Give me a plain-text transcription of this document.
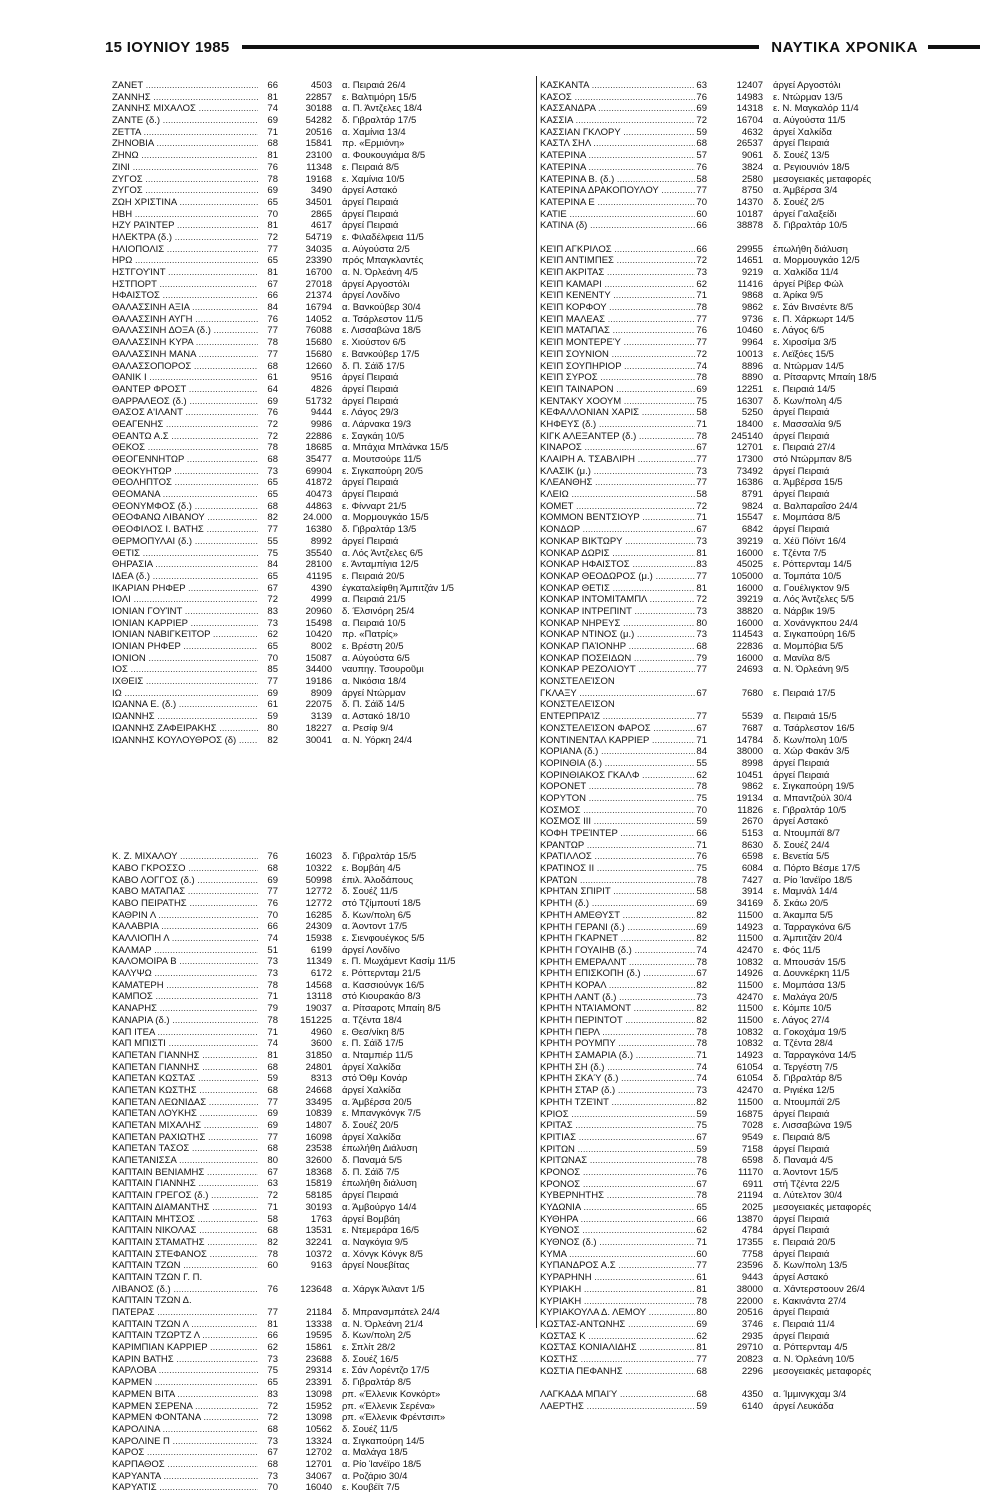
15 ΙΟΥΝΙΟΥ 1985	ΝΑΥΤΙΚΑ ΧΡΟΝΙΚΑ
ΖΑΝΕΤ .....	66	4503	α. Πειραιά 26/4
ΖΑΝΝΗΣ .....	81	22857	ε. Βαλτιμόρη 15/5
ΖΑΝΝΗΣ ΜΙΧΑΛΟΣ .....	74	30188	α. Π. Άντζελες 18/4
ΖΑΝΤΕ (δ.) .....	69	54282	δ. Γιβραλτάρ 17/5
ΖΕΤΤΑ .....	71	20516	α. Χαμίνια 13/4
ΖΗΝΟΒΙΑ .....	68	15841	πρ. «Ερμιόνη»
ΖΗΝΩ .....	81	23100	α. Φουκουγιάμα 8/5
ΖΙΝΙ .....	76	11348	ε. Πειραιά 8/5
ΖΥΓΟΣ .....	78	19168	ε. Χαμίνια 10/5
ΖΥΓΟΣ .....	69	3490	άργεί Αστακό
ΖΩΗ ΧΡΙΣΤΙΝΑ .....	65	34501	άργεί Πειραιά
ΗΒΗ .....	70	2865	άργεί Πειραιά
ΗΖΥ ΡΑΊΝΤΕΡ .....	81	4617	άργεί Πειραιά
ΗΛΕΚΤΡΑ (δ.) .....	72	54719	ε. Φιλαδέλφεια 11/5
ΗΛΙΟΠΟΛΙΣ .....	77	34035	α. Αύγούστα 2/5
ΗΡΩ .....	65	23390	πρός Μπαγκλαντές
ΗΣΤΓΟΥΊΝΤ .....	81	16700	α. Ν. Όρλεάνη 4/5
ΗΣΤΠΟΡΤ .....	67	27018	άργεί Αργοστόλι
ΗΦΑΙΣΤΟΣ .....	66	21374	άργεί Λονδίνο
ΘΑΛΑΣΣΙΝΗ ΑΞΙΑ .....	84	16794	α. Βανκούβερ 30/4
ΘΑΛΑΣΣΙΝΗ ΑΥΓΗ .....	76	14052	α. Τσάρλεστον 11/5
ΘΑΛΑΣΣΙΝΗ ΔΟΞΑ (δ.) .....	77	76088	ε. Λισσαβώνα 18/5
ΘΑΛΑΣΣΙΝΗ ΚΥΡΑ .....	78	15680	ε. Χιούστον 6/5
ΘΑΛΑΣΣΙΝΗ ΜΑΝΑ .....	77	15680	ε. Βανκούβερ 17/5
ΘΑΛΑΣΣΟΠΟΡΟΣ .....	68	12660	δ. Π. Σάϊδ 17/5
ΘΑΝΙΚ Ι .....	61	9516	άργεί Πειραιά
ΘΑΝΤΕΡ ΦΡΟΣΤ .....	64	4826	άργεί Πειραιά
ΘΑΡΡΑΛΕΟΣ (δ.) .....	69	51732	άργεί Πειραιά
ΘΑΣΟΣ Α'ΙΛΑΝΤ .....	76	9444	ε. Λάγος 29/3
ΘΕΑΓΕΝΗΣ .....	72	9986	α. Λάρνακα 19/3
ΘΕΑΝΤΩ Α.Σ .....	72	22886	ε. Σαγκάη 10/5
ΘΕΚΟΣ .....	78	18685	α. Μπάχια Μπλάνκα 15/5
ΘΕΟΓΕΝΝΗΤΩΡ .....	68	35477	α. Μουτσούρε 11/5
ΘΕΟΚΥΗΤΩΡ .....	73	69904	ε. Σιγκαπούρη 20/5
ΘΕΟΛΗΠΤΟΣ .....	65	41872	άργεί Πειραιά
ΘΕΟΜΑΝΑ .....	65	40473	άργεί Πειραιά
ΘΕΟΝΥΜΦΟΣ (δ.) .....	68	44863	ε. Φίνναρτ 21/5
ΘΕΟΦΑΝΩ ΛΙΒΑΝΟΥ .....	82	24.000	α. Μορμουγκάο 15/5
ΘΕΟΦΙΛΟΣ Ι. ΒΑΤΗΣ .....	77	16380	δ. Γιβραλτάρ 13/5
ΘΕΡΜΟΠΥΛΑΙ (δ.) .....	55	8992	άργεί Πειραιά
ΘΕΤΙΣ .....	75	35540	α. Λός Άντζελες 6/5
ΘΗΡΑΣΙΑ .....	84	28100	ε. Άνταμπίγια 12/5
ΙΔΕΑ (δ.) .....	65	41195	ε. Πειραιά 20/5
ΙΚΑΡΙΑΝ ΡΗΦΕΡ .....	67	4390	έγκαταλείφθη Άμπιτζάν 1/5
ΙΟΛΙ .....	72	4999	α. Πειραιά 21/5
ΙΟΝΙΑΝ ΓΟΥΊΝΤ .....	83	20960	δ. Έλσινόρη 25/4
ΙΟΝΙΑΝ ΚΑΡΡΙΕΡ .....	73	15498	α. Πειραιά 10/5
ΙΟΝΙΑΝ ΝΑΒΙΓΚΕΊΤΟΡ .....	62	10420	πρ. «Πατρίς»
ΙΟΝΙΑΝ ΡΗΦΕΡ .....	65	8002	ε. Βρέστη 20/5
ΙΟΝΙΟΝ .....	70	15087	α. Αύγούστα 6/5
ΙΟΣ .....	85	34400	ναυπηγ. Τσουροῦμι
ΙΧΘΕΙΣ .....	77	19186	α. Νικόσια 18/4
ΙΩ .....	69	8909	άργεί Ντώρμαν
ΙΩΑΝΝΑ Ε. (δ.) .....	61	22075	δ. Π. Σάϊδ 14/5
ΙΩΑΝΝΗΣ .....	59	3139	α. Αστακό 18/10
ΙΩΑΝΝΗΣ ΖΑΦΕΙΡΑΚΗΣ .....	80	18227	α. Ρεσίφ 9/4
ΙΩΑΝΝΗΣ ΚΟΥΛΟΥΘΡΟΣ (δ) .....	82	30041	α. Ν. Υόρκη 24/4
Κ. Ζ. ΜΙΧΑΛΟΥ .....	76	16023	δ. Γιβραλτάρ 15/5
ΚΑΒΟ ΓΚΡΟΣΣΟ .....	68	10322	ε. Βομβάη 4/5
ΚΑΒΟ ΛΟΓΓΟΣ (δ.) .....	69	50998	έπιλ. Άλοδάπους
ΚΑΒΟ ΜΑΤΑΠΑΣ .....	77	12772	δ. Σουέζ 11/5
ΚΑΒΟ ΠΕΙΡΑΤΗΣ .....	76	12772	στό Τζίμπουτί 18/5
ΚΑΘΡΙΝ Λ .....	70	16285	δ. Κων/πολη 6/5
ΚΑΛΑΒΡΙΑ .....	66	24309	α. Άοντοντ 17/5
ΚΑΛΛΙΟΠΗ Λ .....	74	15938	ε. Σιενφουέγκος 5/5
ΚΑΛΜΑΡ .....	51	6199	άργεί Λονδίνο
ΚΑΛΟΜΟΙΡΑ Β .....	73	11349	ε. Π. Μωχάμεντ Κασίμ 11/5
ΚΑΛΥΨΩ .....	73	6172	ε. Ρόττερνταμ 21/5
ΚΑΜΑΤΕΡΗ .....	78	14568	α. Κασσιούνγκ 16/5
ΚΑΜΠΟΣ .....	71	13118	στό Κιουρακάο 8/3
ΚΑΝΑΡΗΣ .....	79	19037	α. Ρίτσαροτς Μπαίη 8/5
ΚΑΝΑΡΙΑ (δ.) .....	78	151225	α. Τζέντα 18/4
ΚΑΠ ΙΤΕΑ .....	71	4960	ε. Θεσ/νίκη 8/5
ΚΑΠ ΜΠΙΣΤΙ .....	74	3600	ε. Π. Σάϊδ 17/5
ΚΑΠΕΤΑΝ ΓΙΑΝΝΗΣ .....	81	31850	α. Νταμπιέρ 11/5
ΚΑΠΕΤΑΝ ΓΙΑΝΝΗΣ .....	68	24801	άργεί Χαλκίδα
ΚΑΠΕΤΑΝ ΚΩΣΤΑΣ .....	59	8313	στό Όθμ Κονάρ
ΚΑΠΕΤΑΝ ΚΩΣΤΗΣ .....	68	24668	άργεί Χαλκίδα
ΚΑΠΕΤΑΝ ΛΕΩΝΙΔΑΣ .....	77	33495	α. Άμβέρσα 20/5
ΚΑΠΕΤΑΝ ΛΟΥΚΗΣ .....	69	10839	ε. Μπανγκόνγκ 7/5
ΚΑΠΕΤΑΝ ΜΙΧΑΛΗΣ .....	69	14807	δ. Σουέζ 20/5
ΚΑΠΕΤΑΝ ΡΑΧΙΩΤΗΣ .....	77	16098	άργεί Χαλκίδα
ΚΑΠΕΤΑΝ ΤΑΣΟΣ .....	68	23538	έπωλήθη Διάλυση
ΚΑΠΕΤΑΝΙΣΣΑ .....	80	32600	δ. Παναμά 5/5
ΚΑΠΤΑΙΝ ΒΕΝΙΑΜΗΣ .....	67	18368	δ. Π. Σάϊδ 7/5
ΚΑΠΤΑΙΝ ΓΙΑΝΝΗΣ .....	63	15819	έπωλήθη διάλυση
ΚΑΠΤΑΙΝ ΓΡΕΓΟΣ (δ.) .....	72	58185	άργεί Πειραιά
ΚΑΠΤΑΙΝ ΔΙΑΜΑΝΤΗΣ .....	71	30193	α. Άμβούργο 14/4
ΚΑΠΤΑΙΝ ΜΗΤΣΟΣ .....	58	1763	άργεί Βομβάη
ΚΑΠΤΑΙΝ ΝΙΚΟΛΑΣ .....	68	13531	ε. Ντεμεράρα 16/5
ΚΑΠΤΑΙΝ ΣΤΑΜΑΤΗΣ .....	82	32241	α. Ναγκόγια 9/5
ΚΑΠΤΑΙΝ ΣΤΕΦΑΝΟΣ .....	78	10372	α. Χόνγκ Κόνγκ 8/5
ΚΑΠΤΑΙΝ ΤΖΩΝ .....	60	9163	άργεί Νουεβίτας
ΚΑΠΤΑΙΝ ΤΖΩΝ Γ. Π.
ΛΙΒΑΝΟΣ (δ.) .....	76	123648	α. Χάργκ Άιλαντ 1/5
ΚΑΠΤΑΙΝ ΤΖΩΝ Δ.
ΠΑΤΕΡΑΣ .....	77	21184	δ. Μπρανσμπάτελ 24/4
ΚΑΠΤΑΙΝ ΤΖΩΝ Λ .....	81	13338	α. Ν. Όρλεάνη 21/4
ΚΑΠΤΑΙΝ ΤΖΩΡΤΖ Λ .....	66	19595	δ. Κων/πολη 2/5
ΚΑΡΙΜΠΙΑΝ ΚΑΡΡΙΕΡ .....	62	15861	ε. Σπλίτ 28/2
ΚΑΡΙΝ ΒΑΤΗΣ .....	73	23688	δ. Σουέζ 16/5
ΚΑΡΛΟΒΑ .....	75	29314	ε. Σάν Λορέντζο 17/5
ΚΑΡΜΕΝ .....	65	23391	δ. Γιβραλτάρ 8/5
ΚΑΡΜΕΝ ΒΙΤΑ .....	83	13098	ρπ. «Έλλενικ Κονκόρτ»
ΚΑΡΜΕΝ ΣΕΡΕΝΑ .....	72	15952	ρπ. «Έλλενικ Σερένα»
ΚΑΡΜΕΝ ΦΟΝΤΑΝΑ .....	72	13098	ρπ. «Έλλενικ Φρέντσιπ»
ΚΑΡΟΛΙΝΑ .....	68	10562	δ. Σουέζ 11/5
ΚΑΡΟΛΙΝΕ Π .....	73	13324	α. Σιγκαπούρη 14/5
ΚΑΡΟΣ .....	67	12702	α. Μαλάγα 18/5
ΚΑΡΠΑΘΟΣ .....	68	12701	α. Ρίο Ίανέϊρο 18/5
ΚΑΡΥΑΝΤΑ .....	73	34067	α. Ροζάριο 30/4
ΚΑΡΥΑΤΙΣ .....	70	16040	ε. Κουβέϊτ 7/5
ΚΑΣΚΑΝΤΑ .....	63	12407	άργεί Αργοστόλι
ΚΑΣΟΣ .....	76	14983	ε. Ντώρμαν 13/5
ΚΑΣΣΑΝΔΡΑ .....	69	14318	ε. Ν. Μαγκαλόρ 11/4
ΚΑΣΣΙΑ .....	72	16704	α. Αύγούστα 11/5
ΚΑΣΣΙΑΝ ΓΚΛΟΡΥ .....	59	4632	άργεί Χαλκίδα
ΚΑΣΤΛ ΣΗΛ .....	68	26537	άργεί Πειραιά
ΚΑΤΕΡΙΝΑ .....	57	9061	δ. Σουέζ 13/5
ΚΑΤΕΡΙΝΑ .....	76	3824	α. Ρεγιουνιόν 18/5
ΚΑΤΕΡΙΝΑ Β. (δ.) .....	58	2580	μεσογειακές μεταφορές
ΚΑΤΕΡΙΝΑ ΔΡΑΚΟΠΟΥΛΟΥ .....	77	8750	α. Άμβέρσα 3/4
ΚΑΤΕΡΙΝΑ Ε .....	70	14370	δ. Σουέζ 2/5
ΚΑΤΙΕ .....	60	10187	άργεί Γαλαξείδι
ΚΑΤΙΝΑ (δ) .....	66	38878	δ. Γιβραλτάρ 10/5
ΚΕΊΠ ΑΓΚΡΙΛΟΣ .....	66	29955	έπωλήθη διάλυση
ΚΕΊΠ ΑΝΤΙΜΠΕΣ .....	72	14651	α. Μορμουγκάο 12/5
ΚΕΊΠ ΑΚΡΙΤΑΣ .....	73	9219	α. Χαλκίδα 11/4
ΚΕΊΠ ΚΑΜΑΡΙ .....	62	11416	άργεί Ρίβερ Φώλ
ΚΕΊΠ ΚΕΝΕΝΤΥ .....	71	9868	α. Άρίκα 9/5
ΚΕΊΠ ΚΟΡΦΟΥ .....	78	9862	ε. Σάν Βινσέντε 8/5
ΚΕΊΠ ΜΑΛΕΑΣ .....	77	9736	ε. Π. Χάρκωρτ 14/5
ΚΕΊΠ ΜΑΤΑΠΑΣ .....	76	10460	ε. Λάγος 6/5
ΚΕΊΠ ΜΟΝΤΕΡΕΎ .....	77	9964	ε. Χιροσίμα 3/5
ΚΕΊΠ ΣΟΥΝΙΟΝ .....	72	10013	ε. Λεϊξόες 15/5
ΚΕΊΠ ΣΟΥΠΗΡΙΟΡ .....	74	8896	α. Ντώρμαν 14/5
ΚΕΊΠ ΣΥΡΟΣ .....	78	8890	α. Ρίτσαρντς Μπαίη 18/5
ΚΕΊΠ ΤΑΙΝΑΡΟΝ .....	69	12251	ε. Πειραιά 14/5
ΚΕΝΤΑΚΥ ΧΟΟΥΜ .....	75	16307	δ. Κων/πολη 4/5
ΚΕΦΑΛΛΟΝΙΑΝ ΧΑΡΙΣ .....	58	5250	άργεί Πειραιά
ΚΗΦΕΥΣ (δ.) .....	71	18400	ε. Μασσαλία 9/5
ΚΙΓΚ ΑΛΕΞΑΝΤΕΡ (δ.) .....	78	245140	άργεί Πειραιά
ΚΙΝΑΡΟΣ .....	67	12701	ε. Πειραιά 27/4
ΚΛΑΙΡΗ Α. ΤΣΑΒΛΙΡΗ .....	77	17300	στό Ντώρμπαν 8/5
ΚΛΑΣΙΚ (μ.) .....	73	73492	άργεί Πειραιά
ΚΛΕΑΝΘΗΣ .....	77	16386	α. Άμβέρσα 15/5
ΚΛΕΙΩ .....	58	8791	άργεί Πειραιά
ΚΟΜΕΤ .....	72	9824	α. Βαλπαραΐσο 24/4
ΚΟΜΜΟΝ ΒΕΝΤΣΙΟΥΡ .....	71	15547	ε. Μομπάσα 8/5
ΚΟΝΔΩΡ .....	67	6842	άργεί Πειραιά
ΚΟΝΚΑΡ ΒΙΚΤΩΡΥ .....	73	39219	α. Χέϋ Πόϊντ 16/4
ΚΟΝΚΑΡ ΔΩΡΙΣ .....	81	16000	ε. Τζέντα 7/5
ΚΟΝΚΑΡ ΗΦΑΙΣΤΟΣ .....	83	45025	ε. Ρόττερνταμ 14/5
ΚΟΝΚΑΡ ΘΕΟΔΩΡΟΣ (μ.) .....	77	105000	α. Τομπάτα 10/5
ΚΟΝΚΑΡ ΘΕΤΙΣ .....	81	16000	α. Γουέλιγκτον 9/5
ΚΟΝΚΑΡ ΙΝΤΟΜΙΤΑΜΠΛ .....	72	39219	α. Λός Άντζελες 5/5
ΚΟΝΚΑΡ ΙΝΤΡΕΠΙΝΤ .....	73	38820	α. Νάρβικ 19/5
ΚΟΝΚΑΡ ΝΗΡΕΥΣ .....	80	16000	α. Χονάνγκπου 24/4
ΚΟΝΚΑΡ ΝΤΙΝΟΣ (μ.) .....	73	114543	α. Σιγκαπούρη 16/5
ΚΟΝΚΑΡ ΠΑΊΟΝΗΡ .....	68	22836	α. Μομπόβια 5/5
ΚΟΝΚΑΡ ΠΟΣΕΙΔΩΝ .....	79	16000	α. Μανίλα 8/5
ΚΟΝΚΑΡ ΡΕΖΟΛΙΟΥΤ .....	77	24693	α. Ν. Όρλεάνη 9/5
ΚΟΝΣΤΕΛΕΊΣΟΝ
ΓΚΛΑΞΥ .....	67	7680	ε. Πειραιά 17/5
ΚΟΝΣΤΕΛΕΊΣΟΝ
ΕΝΤΕΡΠΡΑΊΖ .....	77	5539	α. Πειραιά 15/5
ΚΟΝΣΤΕΛΕΊΣΟΝ ΦΑΡΟΣ .....	67	7687	α. Τσάρλεστον 16/5
ΚΟΝΤΙΝΕΝΤΑΛ ΚΑΡΡΙΕΡ .....	71	14784	δ. Κων/πολη 10/5
ΚΟΡΙΑΝΑ (δ.) .....	84	38000	α. Χώρ Φακάν 3/5
ΚΟΡΙΝΘΙΑ (δ.) .....	55	8998	άργεί Πειραιά
ΚΟΡΙΝΘΙΑΚΟΣ ΓΚΑΛΦ .....	62	10451	άργεί Πειραιά
ΚΟΡΟΝΕΤ .....	78	9862	ε. Σιγκαπούρη 19/5
ΚΟΡΥΤΟΝ .....	75	19134	α. Μπαντζούλ 30/4
ΚΟΣΜΟΣ .....	70	11826	ε. Γιβραλτάρ 10/5
ΚΟΣΜΟΣ ΙΙΙ .....	59	2670	άργεί Αστακό
ΚΟΦΗ ΤΡΕΊΝΤΕΡ .....	66	5153	α. Ντουμπάϊ 8/7
ΚΡΑΝΤΩΡ .....	71	8630	δ. Σουέζ 24/4
ΚΡΑΤΙΛΛΟΣ .....	76	6598	ε. Βενετία 5/5
ΚΡΑΤΙΝΟΣ ΙΙ .....	75	6084	α. Πόρτο Βέσμε 17/5
ΚΡΑΤΩΝ .....	78	7427	α. Ρίο Ίανέϊρο 18/5
ΚΡΗΤΑΝ ΣΠΙΡΙΤ .....	58	3914	ε. Μαμνάλ 14/4
ΚΡΗΤΗ (δ.) .....	69	34169	δ. Σκάω 20/5
ΚΡΗΤΗ ΑΜΕΘΥΣΤ .....	82	11500	α. Άκαμπα 5/5
ΚΡΗΤΗ ΓΕΡΑΝΙ (δ.) .....	69	14923	α. Ταρραγκόνα 6/5
ΚΡΗΤΗ ΓΚΑΡΝΕΤ .....	82	11500	α. Άμπιτζάν 20/4
ΚΡΗΤΗ ΓΟΥΑΙΗΒ (δ.) .....	74	42470	ε. Φός 11/5
ΚΡΗΤΗ ΕΜΕΡΑΛΝΤ .....	78	10832	α. Μπουσάν 15/5
ΚΡΗΤΗ ΕΠΙΣΚΟΠΗ (δ.) .....	67	14926	α. Δουνκέρκη 11/5
ΚΡΗΤΗ ΚΟΡΑΛ .....	82	11500	ε. Μομπάσα 13/5
ΚΡΗΤΗ ΛΑΝΤ (δ.) .....	73	42470	ε. Μαλάγα 20/5
ΚΡΗΤΗ ΝΤΑΊΑΜΟΝΤ .....	82	11500	ε. Κόμπε 10/5
ΚΡΗΤΗ ΠΕΡΙΝΤΟΤ .....	82	11500	ε. Λάγος 27/4
ΚΡΗΤΗ ΠΕΡΛ .....	78	10832	α. Γοκοχάμα 19/5
ΚΡΗΤΗ ΡΟΥΜΠΥ .....	78	10832	α. Τζέντα 28/4
ΚΡΗΤΗ ΣΑΜΑΡΙΑ (δ.) .....	71	14923	α. Ταρραγκόνα 14/5
ΚΡΗΤΗ ΣΗ (δ.) .....	74	61054	α. Τεργέστη 7/5
ΚΡΗΤΗ ΣΚΑΎ (δ.) .....	74	61054	δ. Γιβραλτάρ 8/5
ΚΡΗΤΗ ΣΤΑΡ (δ.) .....	73	42470	α. Ριγιέκα 12/5
ΚΡΗΤΗ ΤΖΕΊΝΤ .....	82	11500	α. Ντουμπάϊ 2/5
ΚΡΙΟΣ .....	59	16875	άργεί Πειραιά
ΚΡΙΤΑΣ .....	75	7028	ε. Λισσαβώνα 19/5
ΚΡΙΤΙΑΣ .....	67	9549	ε. Πειραιά 8/5
ΚΡΙΤΩΝ .....	59	7158	άργεί Πειραιά
ΚΡΙΤΩΝΑΣ .....	78	6598	δ. Παναμά 4/5
ΚΡΟΝΟΣ .....	76	11170	α. Άοντοντ 15/5
ΚΡΟΝΟΣ .....	67	6911	στή Τζέντα 22/5
ΚΥΒΕΡΝΗΤΗΣ .....	78	21194	α. Λύτελτον 30/4
ΚΥΔΩΝΙΑ .....	65	2025	μεσογειακές μεταφορές
ΚΥΘΗΡΑ .....	66	13870	άργεί Πειραιά
ΚΥΘΝΟΣ .....	62	4784	άργεί Πειραιά
ΚΥΘΝΟΣ (δ.) .....	71	17355	ε. Πειραιά 20/5
ΚΥΜΑ .....	60	7758	άργεί Πειραιά
ΚΥΠΑΝΔΡΟΣ Α.Σ .....	77	23596	δ. Κων/πολη 13/5
ΚΥΡΑΡΗΝΗ .....	61	9443	άργεί Αστακό
ΚΥΡΙΑΚΗ .....	81	38000	α. Χάντερστοουν 26/4
ΚΥΡΙΑΚΗ .....	78	22000	ε. Κακινάντα 27/4
ΚΥΡΙΑΚΟΥΛΑ Δ. ΛΕΜΟΥ .....	80	20516	άργεί Πειραιά
ΚΩΣΤΑΣ-ΑΝΤΩΝΗΣ .....	69	3746	ε. Πειραιά 11/4
ΚΩΣΤΑΣ Κ .....	62	2935	άργεί Πειραιά
ΚΩΣΤΑΣ ΚΟΝΙΑΛΙΔΗΣ .....	81	29710	α. Ρόττερνταμ 4/5
ΚΩΣΤΗΣ .....	77	20823	α. Ν. Όρλεάνη 10/5
ΚΩΣΤΙΑ ΠΕΦΑΝΗΣ .....	68	2296	μεσογειακές μεταφορές
ΛΑΓΚΑΔΑ ΜΠΑΙΎ .....	68	4350	α. Ίμμινγκχαμ 3/4
ΛΑΕΡΤΗΣ .....	59	6140	άργεί Λευκάδα
